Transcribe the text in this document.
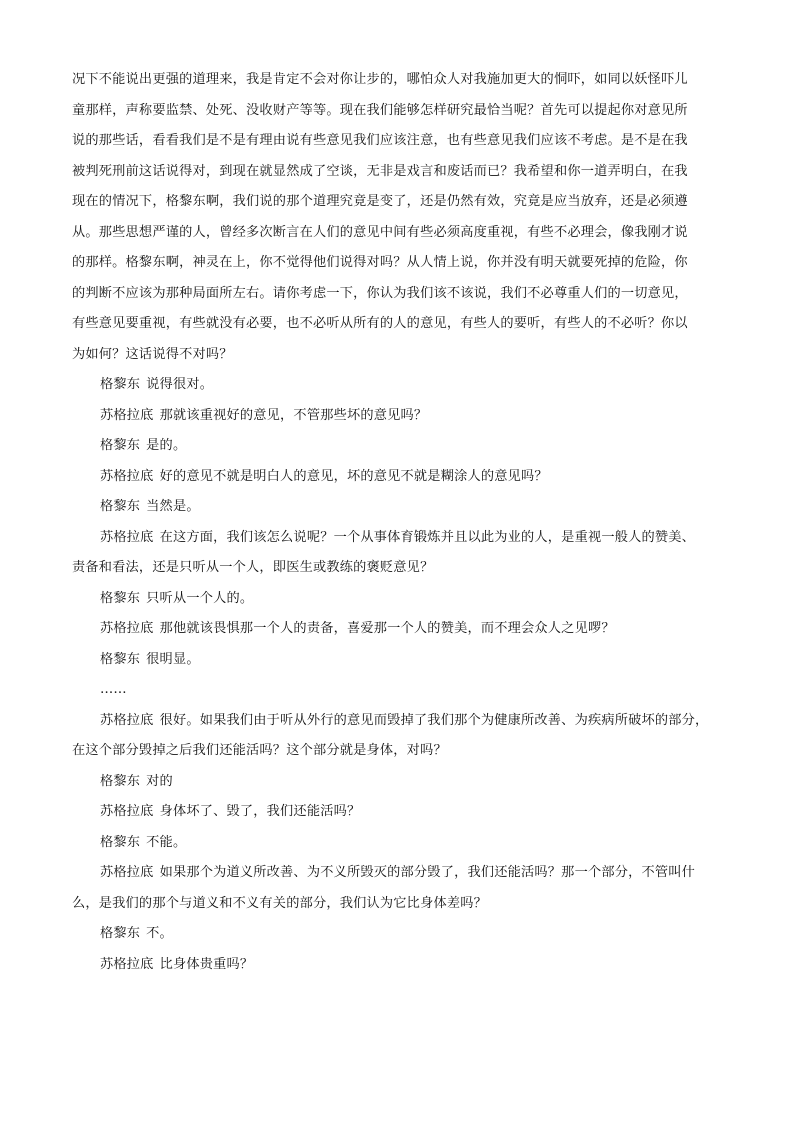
况下不能说出更强的道理来，我是肯定不会对你让步的，哪怕众人对我施加更大的恫吓，如同以妖怪吓儿
童那样，声称要监禁、处死、没收财产等等。现在我们能够怎样研究最恰当呢？首先可以提起你对意见所
说的那些话，看看我们是不是有理由说有些意见我们应该注意，也有些意见我们应该不考虑。是不是在我
被判死刑前这话说得对，到现在就显然成了空谈，无非是戏言和废话而已？我希望和你一道弄明白，在我
现在的情况下，格黎东啊，我们说的那个道理究竟是变了，还是仍然有效，究竟是应当放弃，还是必须遵
从。那些思想严谨的人，曾经多次断言在人们的意见中间有些必须高度重视，有些不必理会，像我刚才说
的那样。格黎东啊，神灵在上，你不觉得他们说得对吗？从人情上说，你并没有明天就要死掉的危险，你
的判断不应该为那种局面所左右。请你考虑一下，你认为我们该不该说，我们不必尊重人们的一切意见，
有些意见要重视，有些就没有必要，也不必听从所有的人的意见，有些人的要听，有些人的不必听？你以
为如何？这话说得不对吗？
格黎东 说得很对。
苏格拉底 那就该重视好的意见，不管那些坏的意见吗？
格黎东 是的。
苏格拉底 好的意见不就是明白人的意见，坏的意见不就是糊涂人的意见吗？
格黎东 当然是。
苏格拉底 在这方面，我们该怎么说呢？一个从事体育锻炼并且以此为业的人，是重视一般人的赞美、
责备和看法，还是只听从一个人，即医生或教练的褒贬意见？
格黎东 只听从一个人的。
苏格拉底 那他就该畏惧那一个人的责备，喜爱那一个人的赞美，而不理会众人之见啰？
格黎东 很明显。
……
苏格拉底 很好。如果我们由于听从外行的意见而毁掉了我们那个为健康所改善、为疾病所破坏的部分，
在这个部分毁掉之后我们还能活吗？这个部分就是身体，对吗？
格黎东 对的
苏格拉底 身体坏了、毁了，我们还能活吗？
格黎东 不能。
苏格拉底 如果那个为道义所改善、为不义所毁灭的部分毁了，我们还能活吗？那一个部分，不管叫什
么，是我们的那个与道义和不义有关的部分，我们认为它比身体差吗？
格黎东 不。
苏格拉底 比身体贵重吗？
